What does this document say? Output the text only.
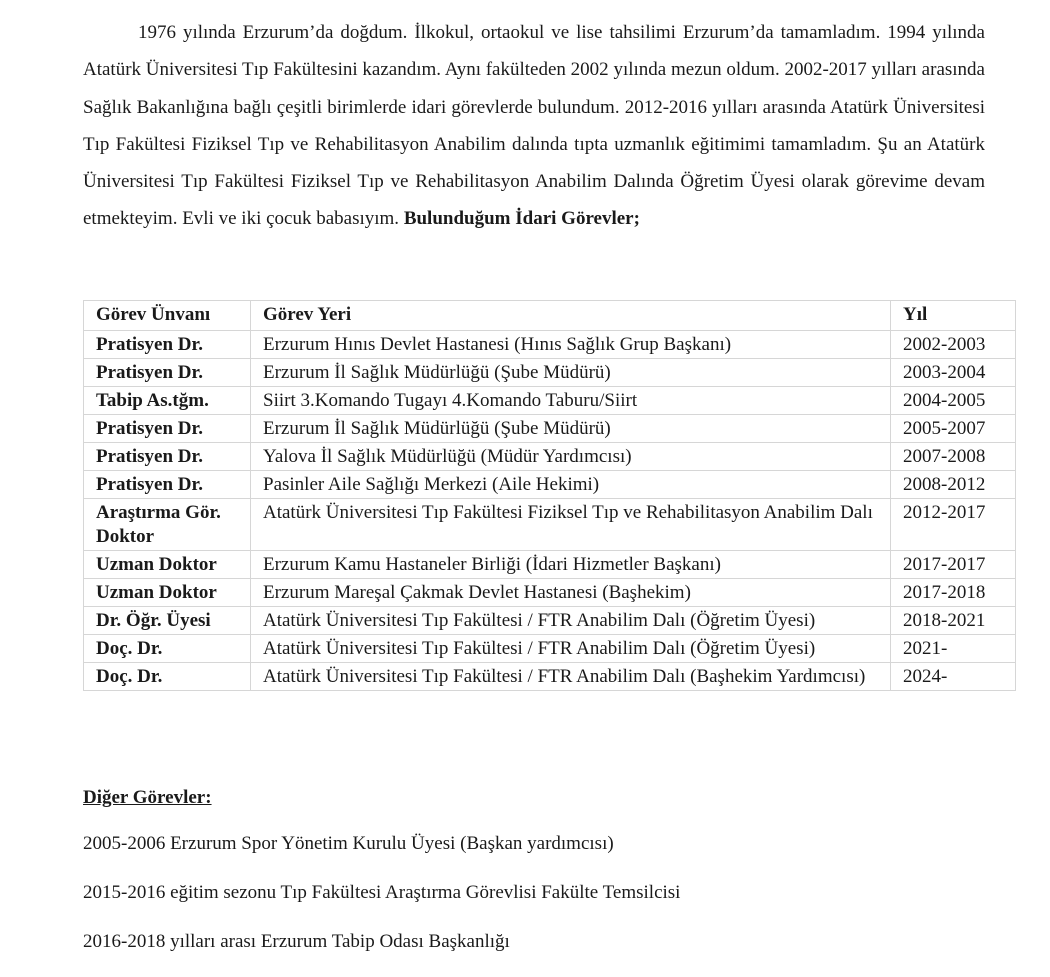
1976 yılında Erzurum’da doğdum. İlkokul, ortaokul ve lise tahsilimi Erzurum’da tamamladım. 1994 yılında Atatürk Üniversitesi Tıp Fakültesini kazandım. Aynı fakülteden 2002 yılında mezun oldum. 2002-2017 yılları arasında Sağlık Bakanlığına bağlı çeşitli birimlerde idari görevlerde bulundum. 2012-2016 yılları arasında Atatürk Üniversitesi Tıp Fakültesi Fiziksel Tıp ve Rehabilitasyon Anabilim dalında tıpta uzmanlık eğitimimi tamamladım. Şu an Atatürk Üniversitesi Tıp Fakültesi Fiziksel Tıp ve Rehabilitasyon Anabilim Dalında Öğretim Üyesi olarak görevime devam etmekteyim. Evli ve iki çocuk babasıyım. Bulunduğum İdari Görevler;

Görev Ünvanı	Görev Yeri	Yıl
Pratisyen Dr.	Erzurum Hınıs Devlet Hastanesi (Hınıs Sağlık Grup Başkanı)	2002-2003
Pratisyen Dr.	Erzurum İl Sağlık Müdürlüğü (Şube Müdürü)	2003-2004
Tabip As.tğm.	Siirt 3.Komando Tugayı 4.Komando Taburu/Siirt	2004-2005
Pratisyen Dr.	Erzurum İl Sağlık Müdürlüğü (Şube Müdürü)	2005-2007
Pratisyen Dr.	Yalova İl Sağlık Müdürlüğü (Müdür Yardımcısı)	2007-2008
Pratisyen Dr.	Pasinler Aile Sağlığı Merkezi (Aile Hekimi)	2008-2012
Araştırma Gör. Doktor	Atatürk Üniversitesi Tıp Fakültesi Fiziksel Tıp ve Rehabilitasyon Anabilim Dalı	2012-2017
Uzman Doktor	Erzurum Kamu Hastaneler Birliği (İdari Hizmetler Başkanı)	2017-2017
Uzman Doktor	Erzurum Mareşal Çakmak Devlet Hastanesi (Başhekim)	2017-2018
Dr. Öğr. Üyesi	Atatürk Üniversitesi Tıp Fakültesi / FTR Anabilim Dalı (Öğretim Üyesi)	2018-2021
Doç. Dr.	Atatürk Üniversitesi Tıp Fakültesi / FTR Anabilim Dalı (Öğretim Üyesi)	2021-
Doç. Dr.	Atatürk Üniversitesi Tıp Fakültesi / FTR Anabilim Dalı (Başhekim Yardımcısı)	2024-

Diğer Görevler:

2005-2006 Erzurum Spor Yönetim Kurulu Üyesi (Başkan yardımcısı)
2015-2016 eğitim sezonu Tıp Fakültesi Araştırma Görevlisi Fakülte Temsilcisi
2016-2018 yılları arası Erzurum Tabip Odası Başkanlığı
